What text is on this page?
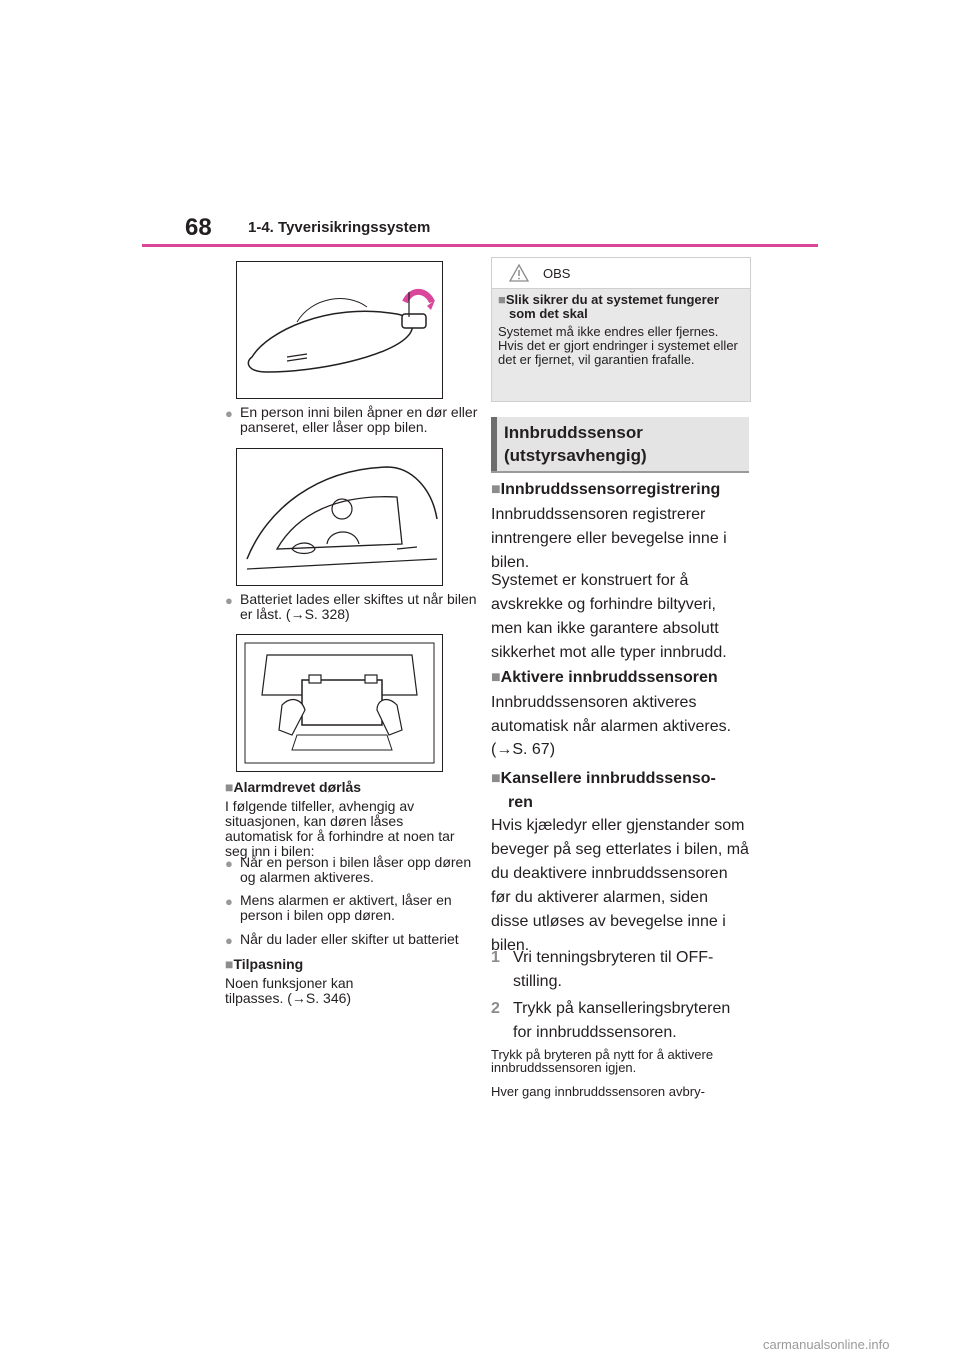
68 1-4. Tyverisikringssystem
● En person inni bilen åpner en dør eller panseret, eller låser opp bilen.
● Batteriet lades eller skiftes ut når bilen er låst. (→S. 328)
■Alarmdrevet dørlås
I følgende tilfeller, avhengig av situasjonen, kan døren låses automatisk for å forhindre at noen tar seg inn i bilen:
● Når en person i bilen låser opp døren og alarmen aktiveres.
● Mens alarmen er aktivert, låser en person i bilen opp døren.
● Når du lader eller skifter ut batteriet
■Tilpasning
Noen funksjoner kan tilpasses. (→S. 346)
OBS
■Slik sikrer du at systemet fungerer som det skal
Systemet må ikke endres eller fjernes. Hvis det er gjort endringer i systemet eller det er fjernet, vil garantien frafalle.
Innbruddssensor
(utstyrsavhengig)
■Innbruddssensorregistrering
Innbruddssensoren registrerer inntrengere eller bevegelse inne i bilen.
Systemet er konstruert for å avskrekke og forhindre biltyveri, men kan ikke garantere absolutt sikkerhet mot alle typer innbrudd.
■Aktivere innbruddssensoren
Innbruddssensoren aktiveres automatisk når alarmen aktiveres.
(→S. 67)
■Kansellere innbruddssenso-
ren
Hvis kjæledyr eller gjenstander som beveger på seg etterlates i bilen, må du deaktivere innbruddssensoren før du aktiverer alarmen, siden disse utløses av bevegelse inne i bilen.
1 Vri tenningsbryteren til OFF-stilling.
2 Trykk på kanselleringsbryteren for innbruddssensoren.
Trykk på bryteren på nytt for å aktivere innbruddssensoren igjen.
Hver gang innbruddssensoren avbry-
carmanualsonline.info
